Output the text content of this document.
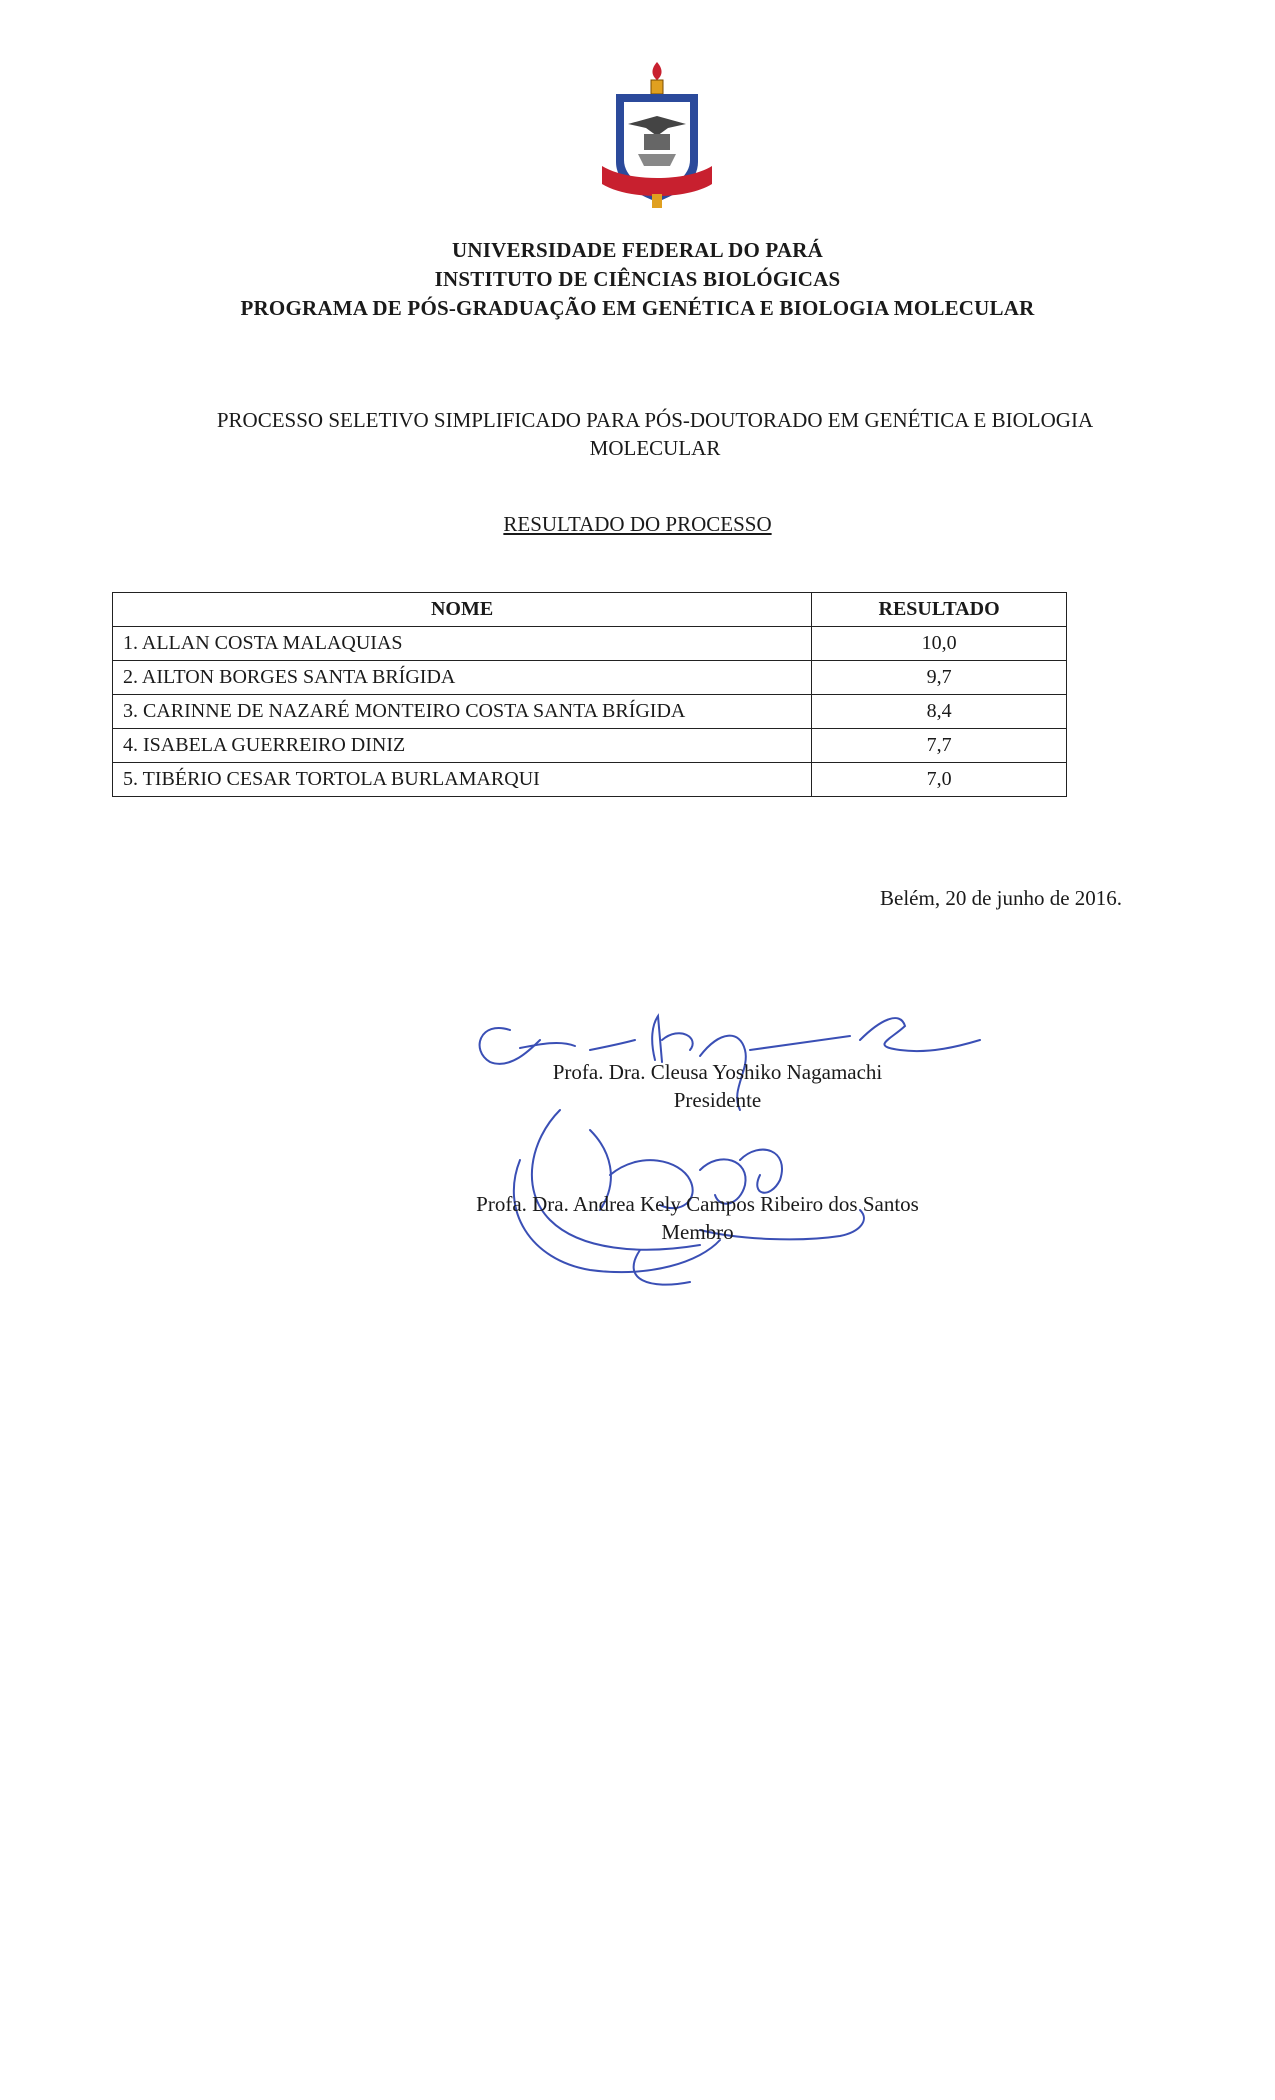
UNIVERSIDADE FEDERAL DO PARÁ
INSTITUTO DE CIÊNCIAS BIOLÓGICAS
PROGRAMA DE PÓS-GRADUAÇÃO EM GENÉTICA E BIOLOGIA MOLECULAR
PROCESSO SELETIVO SIMPLIFICADO PARA PÓS-DOUTORADO EM GENÉTICA E BIOLOGIA MOLECULAR
RESULTADO DO PROCESSO
NOME	RESULTADO
1. ALLAN COSTA MALAQUIAS	10,0
2. AILTON BORGES SANTA BRÍGIDA	9,7
3. CARINNE DE NAZARÉ MONTEIRO COSTA SANTA BRÍGIDA	8,4
4. ISABELA GUERREIRO DINIZ	7,7
5. TIBÉRIO CESAR TORTOLA BURLAMARQUI	7,0
Belém, 20 de junho de 2016.
Profa. Dra. Cleusa Yoshiko Nagamachi
Presidente
Profa. Dra. Andrea Kely Campos Ribeiro dos Santos
Membro
